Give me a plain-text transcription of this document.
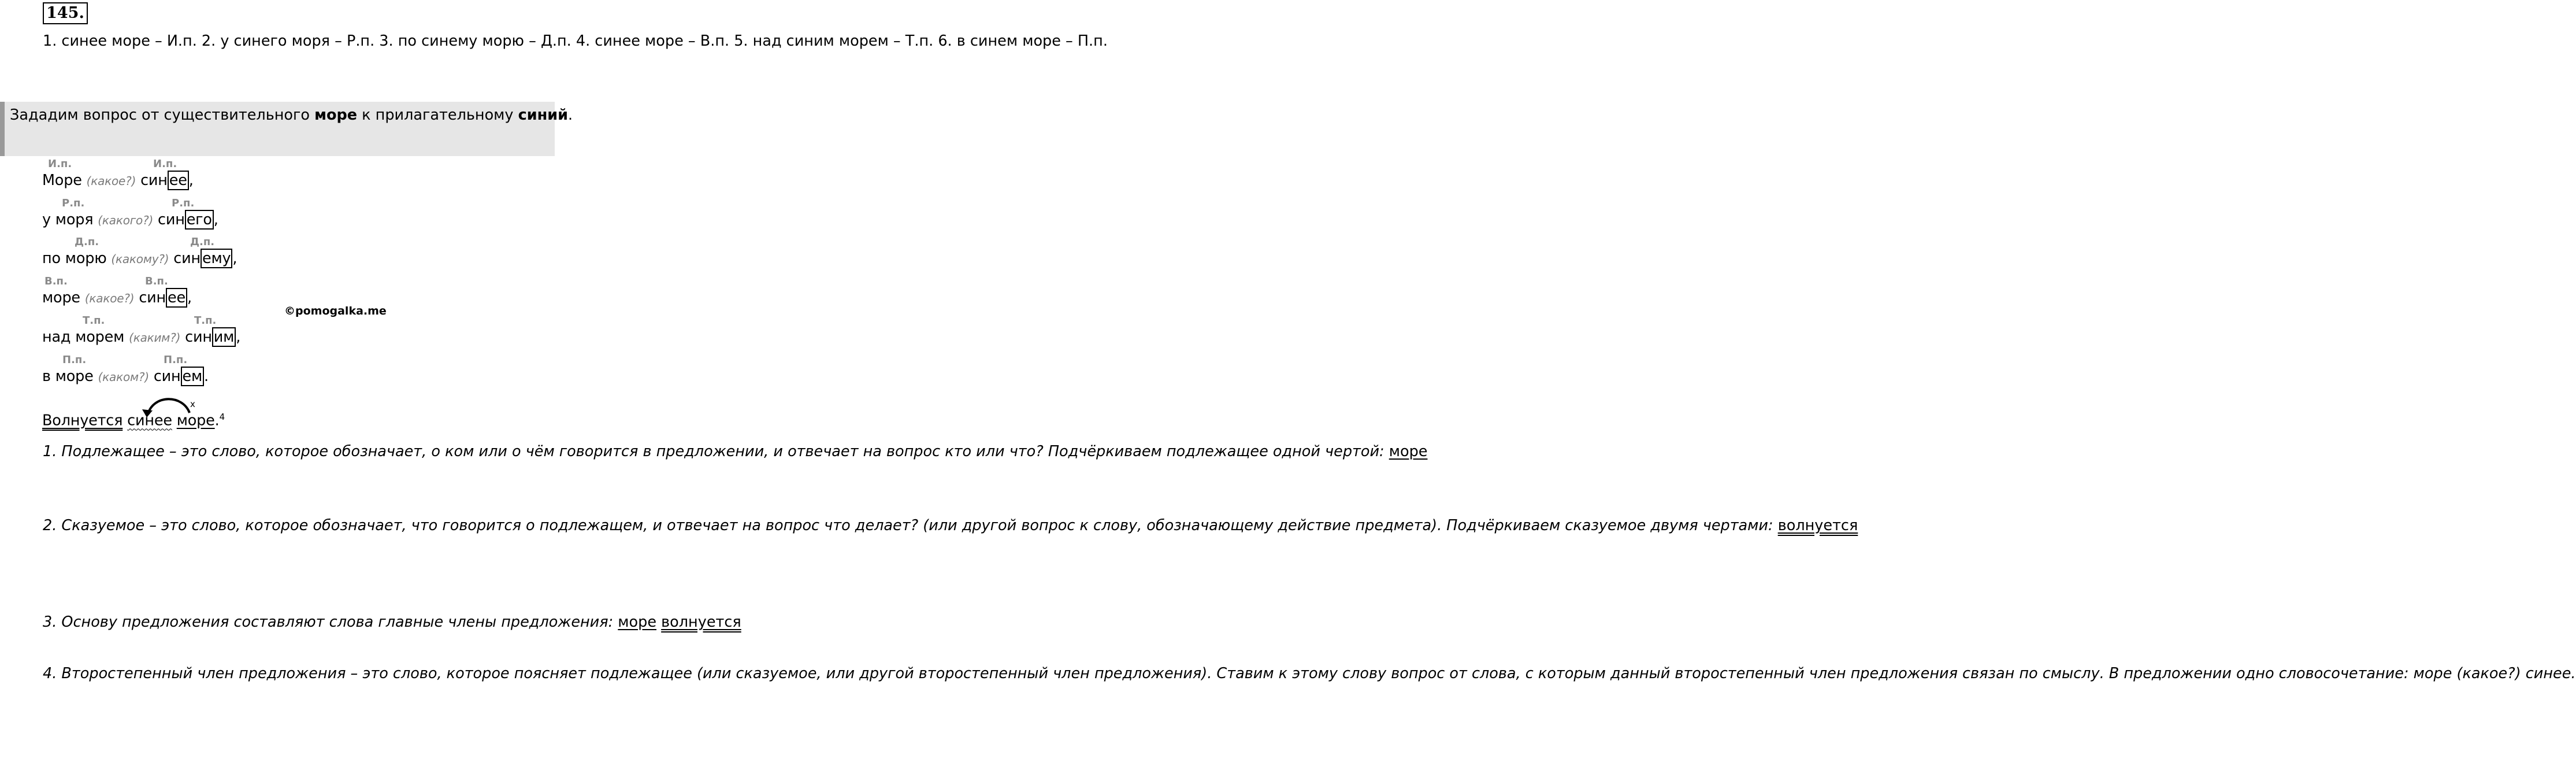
145.
1. синее море – И.п. 2. у синего моря – Р.п. 3. по синему морю – Д.п. 4. синее море – В.п. 5. над синим морем – Т.п. 6. в синем море – П.п.
Зададим вопрос от существительного море к прилагательному синий.
И.п.	И.п.
Море (какое?) син ее ,
Р.п.	Р.п.
у моря (какого?) син его ,
Д.п.	Д.п.
по морю (какому?) син ему ,
В.п.	В.п.
море (какое?) син ее ,
Т.п.	Т.п.
над морем (каким?) син им ,
П.п.	П.п.
в море (каком?) син ем .
©pomogalka.me
x
Волнуется синее море.$^4$
1. Подлежащее – это слово, которое обозначает, о ком или о чём говорится в предложении, и отвечает на вопрос кто или что? Подчёркиваем подлежащее одной чертой: море
2. Сказуемое – это слово, которое обозначает, что говорится о подлежащем, и отвечает на вопрос что делает? (или другой вопрос к слову, обозначающему действие предмета). Подчёркиваем сказуемое двумя чертами: волнуется
3. Основу предложения составляют слова главные члены предложения: море волнуется
4. Второстепенный член предложения – это слово, которое поясняет подлежащее (или сказуемое, или другой второстепенный член предложения). Ставим к этому слову вопрос от слова, с которым данный второстепенный член предложения связан по смыслу. В предложении одно словосочетание: море (какое?) синее.
